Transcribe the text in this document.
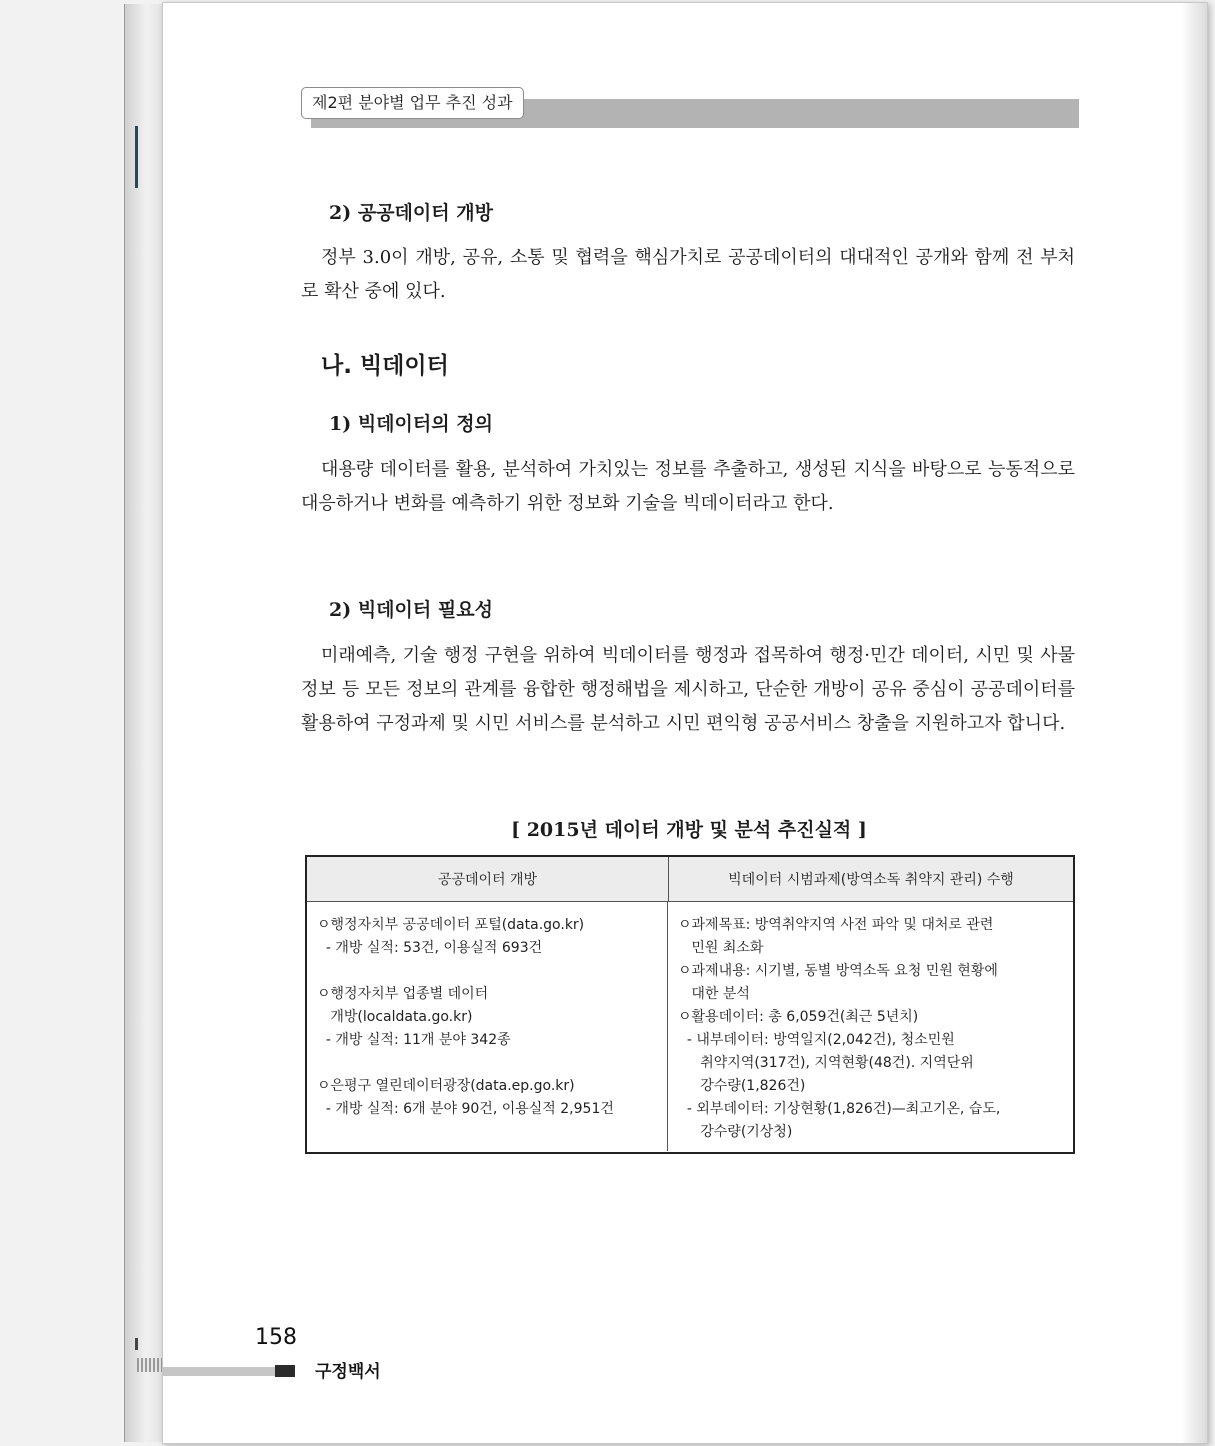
제2편 분야별 업무 추진 성과
2) 공공데이터 개방

정부 3.0이 개방, 공유, 소통 및 협력을 핵심가치로 공공데이터의 대대적인 공개와 함께 전 부처로 확산 중에 있다.

나. 빅데이터
1) 빅데이터의 정의

대용량 데이터를 활용, 분석하여 가치있는 정보를 추출하고, 생성된 지식을 바탕으로 능동적으로 대응하거나 변화를 예측하기 위한 정보화 기술을 빅데이터라고 한다.

2) 빅데이터 필요성

미래예측, 기술 행정 구현을 위하여 빅데이터를 행정과 접목하여 행정·민간 데이터, 시민 및 사물 정보 등 모든 정보의 관계를 융합한 행정해법을 제시하고, 단순한 개방이 공유 중심이 공공데이터를 활용하여 구정과제 및 시민 서비스를 분석하고 시민 편익형 공공서비스 창출을 지원하고자 합니다.

[ 2015년 데이터 개방 및 분석 추진실적 ]
공공데이터 개방	빅데이터 시범과제(방역소독 취약지 관리) 수행
ㅇ행정자치부 공공데이터 포털(data.go.kr)
- 개방 실적: 53건, 이용실적 693건
ㅇ행정자치부 업종별 데이터
개방(localdata.go.kr)
- 개방 실적: 11개 분야 342종
ㅇ은평구 열린데이터광장(data.ep.go.kr)
- 개방 실적: 6개 분야 90건, 이용실적 2,951건
ㅇ과제목표: 방역취약지역 사전 파악 및 대처로 관련
민원 최소화
ㅇ과제내용: 시기별, 동별 방역소독 요청 민원 현황에
대한 분석
ㅇ활용데이터: 총 6,059건(최근 5년치)
- 내부데이터: 방역일지(2,042건), 청소민원
취약지역(317건), 지역현황(48건). 지역단위
강수량(1,826건)
- 외부데이터: 기상현황(1,826건)—최고기온, 습도,
강수량(기상청)
158
구정백서
